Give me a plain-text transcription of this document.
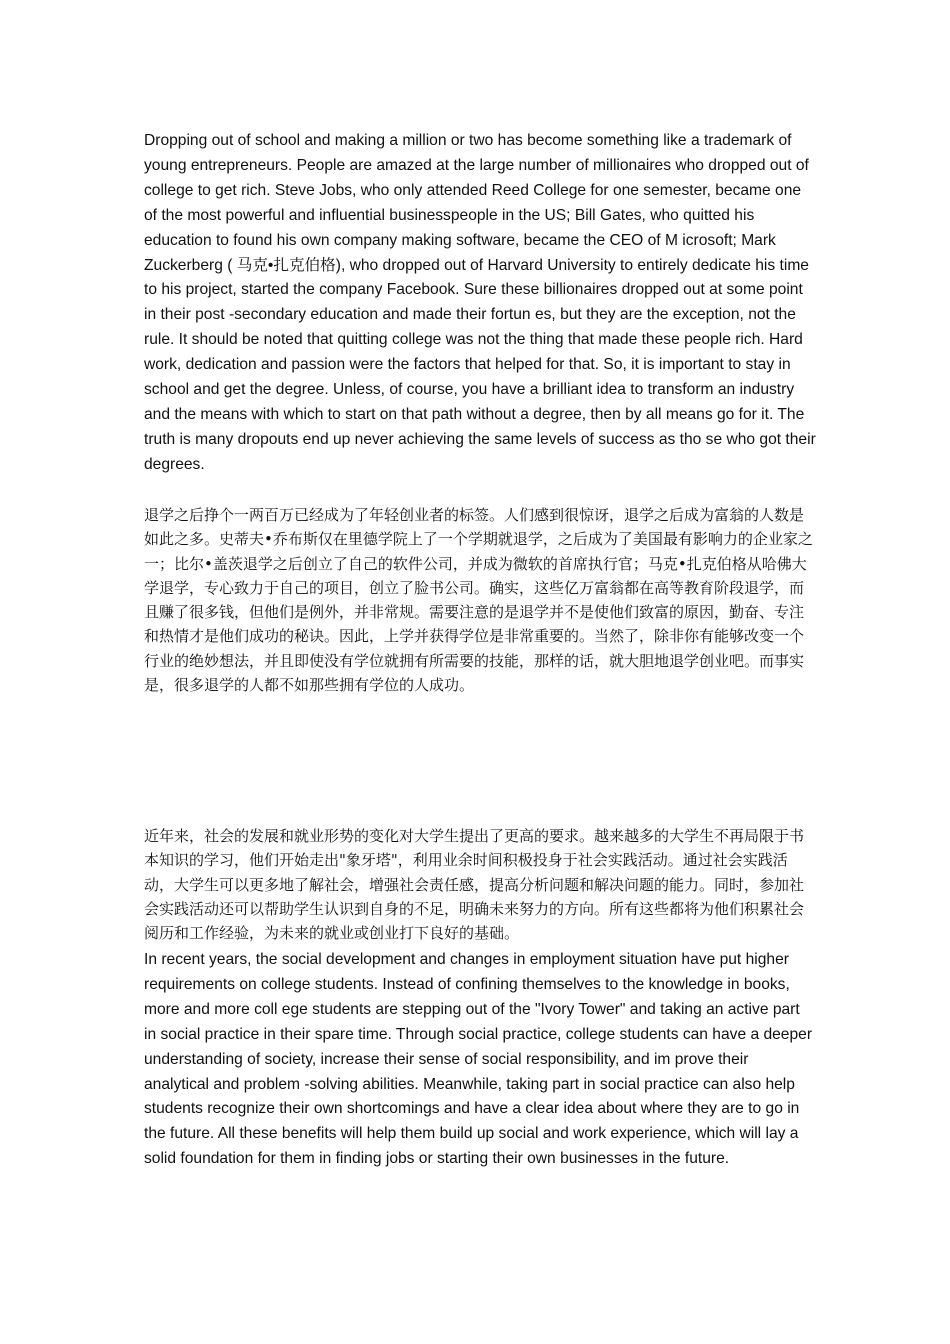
Dropping out of school and making a million or two has become something like a trademark of young entrepreneurs. People are amazed at the large number of millionaires who dropped out of college to get rich. Steve Jobs, who only attended Reed College for one semester, became one of the most powerful and influential businesspeople in the US; Bill Gates, who quitted his education to found his own company making software, became the CEO of M icrosoft; Mark Zuckerberg ( 马克•扎克伯格), who dropped out of Harvard University to entirely dedicate his time to his project, started the company Facebook. Sure these billionaires dropped out at some point in their post -secondary education and made their fortun es, but they are the exception, not the rule. It should be noted that quitting college was not the thing that made these people rich. Hard work, dedication and passion were the factors that helped for that. So, it is important to stay in school and get the degree. Unless, of course, you have a brilliant idea to transform an industry and the means with which to start on that path without a degree, then by all means go for it. The truth is many dropouts end up never achieving the same levels of success as tho se who got their degrees.

退学之后挣个一两百万已经成为了年轻创业者的标签。人们感到很惊讶，退学之后成为富翁的人数是如此之多。史蒂夫•乔布斯仅在里德学院上了一个学期就退学，之后成为了美国最有影响力的企业家之一；比尔•盖茨退学之后创立了自己的软件公司，并成为微软的首席执行官；马克•扎克伯格从哈佛大学退学，专心致力于自己的项目，创立了脸书公司。确实，这些亿万富翁都在高等教育阶段退学，而且赚了很多钱，但他们是例外，并非常规。需要注意的是退学并不是使他们致富的原因，勤奋、专注和热情才是他们成功的秘诀。因此，上学并获得学位是非常重要的。当然了，除非你有能够改变一个行业的绝妙想法，并且即使没有学位就拥有所需要的技能，那样的话，就大胆地退学创业吧。而事实是，很多退学的人都不如那些拥有学位的人成功。

近年来，社会的发展和就业形势的变化对大学生提出了更高的要求。越来越多的大学生不再局限于书本知识的学习，他们开始走出"象牙塔"，利用业余时间积极投身于社会实践活动。通过社会实践活动，大学生可以更多地了解社会，增强社会责任感，提高分析问题和解决问题的能力。同时，参加社会实践活动还可以帮助学生认识到自身的不足，明确未来努力的方向。所有这些都将为他们积累社会阅历和工作经验，为未来的就业或创业打下良好的基础。

In recent years, the social development and changes in employment situation have put higher requirements on college students. Instead of confining themselves to the knowledge in books, more and more coll ege students are stepping out of the "Ivory Tower" and taking an active part in social practice in their spare time. Through social practice, college students can have a deeper understanding of society, increase their sense of social responsibility, and im prove their analytical and problem -solving abilities. Meanwhile, taking part in social practice can also help students recognize their own shortcomings and have a clear idea about where they are to go in the future. All these benefits will help them build up social and work experience, which will lay a solid foundation for them in finding jobs or starting their own businesses in the future.
